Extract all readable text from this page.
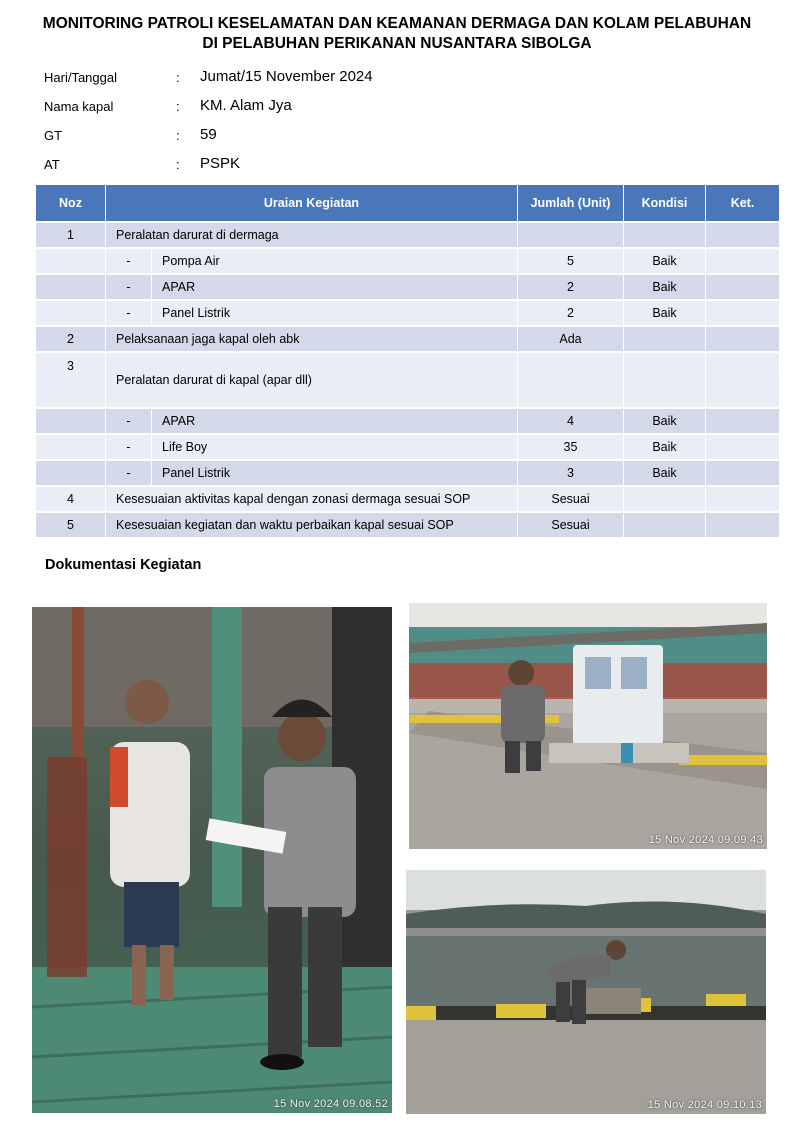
MONITORING PATROLI KESELAMATAN DAN KEAMANAN DERMAGA DAN KOLAM PELABUHAN
DI PELABUHAN PERIKANAN NUSANTARA SIBOLGA
Hari/Tanggal	: Jumat/15 November 2024
Nama kapal	: KM. Alam Jya
GT	: 59
AT	: PSPK
Noz	Uraian Kegiatan		Jumlah (Unit)	Kondisi	Ket.
1	Peralatan darurat di dermaga				
	-	Pompa Air	5	Baik	
	-	APAR	2	Baik	
	-	Panel Listrik	2	Baik	
2	Pelaksanaan jaga kapal oleh abk		Ada		
3	Peralatan darurat di kapal (apar dll)				
	-	APAR	4	Baik	
	-	Life Boy	35	Baik	
	-	Panel Listrik	3	Baik	
4	Kesesuaian aktivitas kapal dengan zonasi dermaga sesuai SOP		Sesuai		
5	Kesesuaian kegiatan dan waktu perbaikan kapal sesuai SOP		Sesuai		
Dokumentasi Kegiatan
15 Nov 2024 09.08.52
15 Nov 2024 09.09.43
15 Nov 2024 09.10.13
